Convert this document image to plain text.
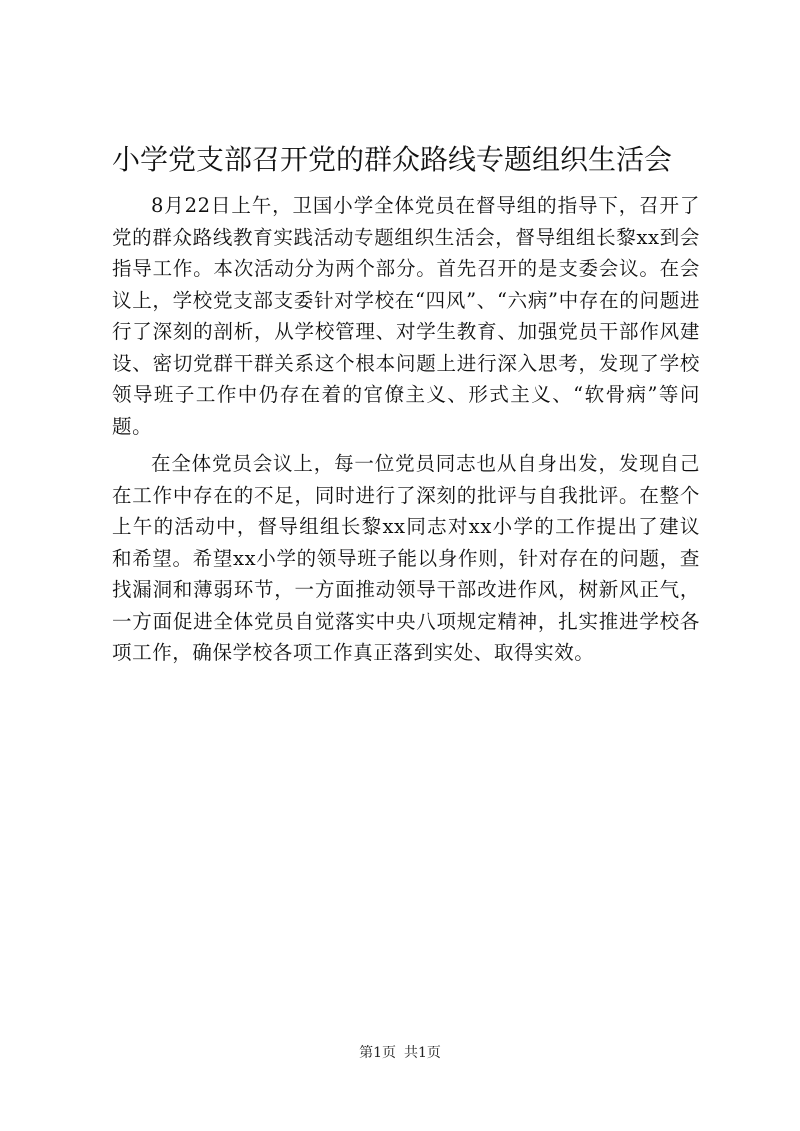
小学党支部召开党的群众路线专题组织生活会

8月22日上午，卫国小学全体党员在督导组的指导下，召开了党的群众路线教育实践活动专题组织生活会，督导组组长黎xx到会指导工作。本次活动分为两个部分。首先召开的是支委会议。在会议上，学校党支部支委针对学校在“四风”、“六病”中存在的问题进行了深刻的剖析，从学校管理、对学生教育、加强党员干部作风建设、密切党群干群关系这个根本问题上进行深入思考，发现了学校领导班子工作中仍存在着的官僚主义、形式主义、“软骨病”等问题。

在全体党员会议上，每一位党员同志也从自身出发，发现自己在工作中存在的不足，同时进行了深刻的批评与自我批评。在整个上午的活动中，督导组组长黎xx同志对xx小学的工作提出了建议和希望。希望xx小学的领导班子能以身作则，针对存在的问题，查找漏洞和薄弱环节，一方面推动领导干部改进作风，树新风正气，一方面促进全体党员自觉落实中央八项规定精神，扎实推进学校各项工作，确保学校各项工作真正落到实处、取得实效。

第1页 共1页
